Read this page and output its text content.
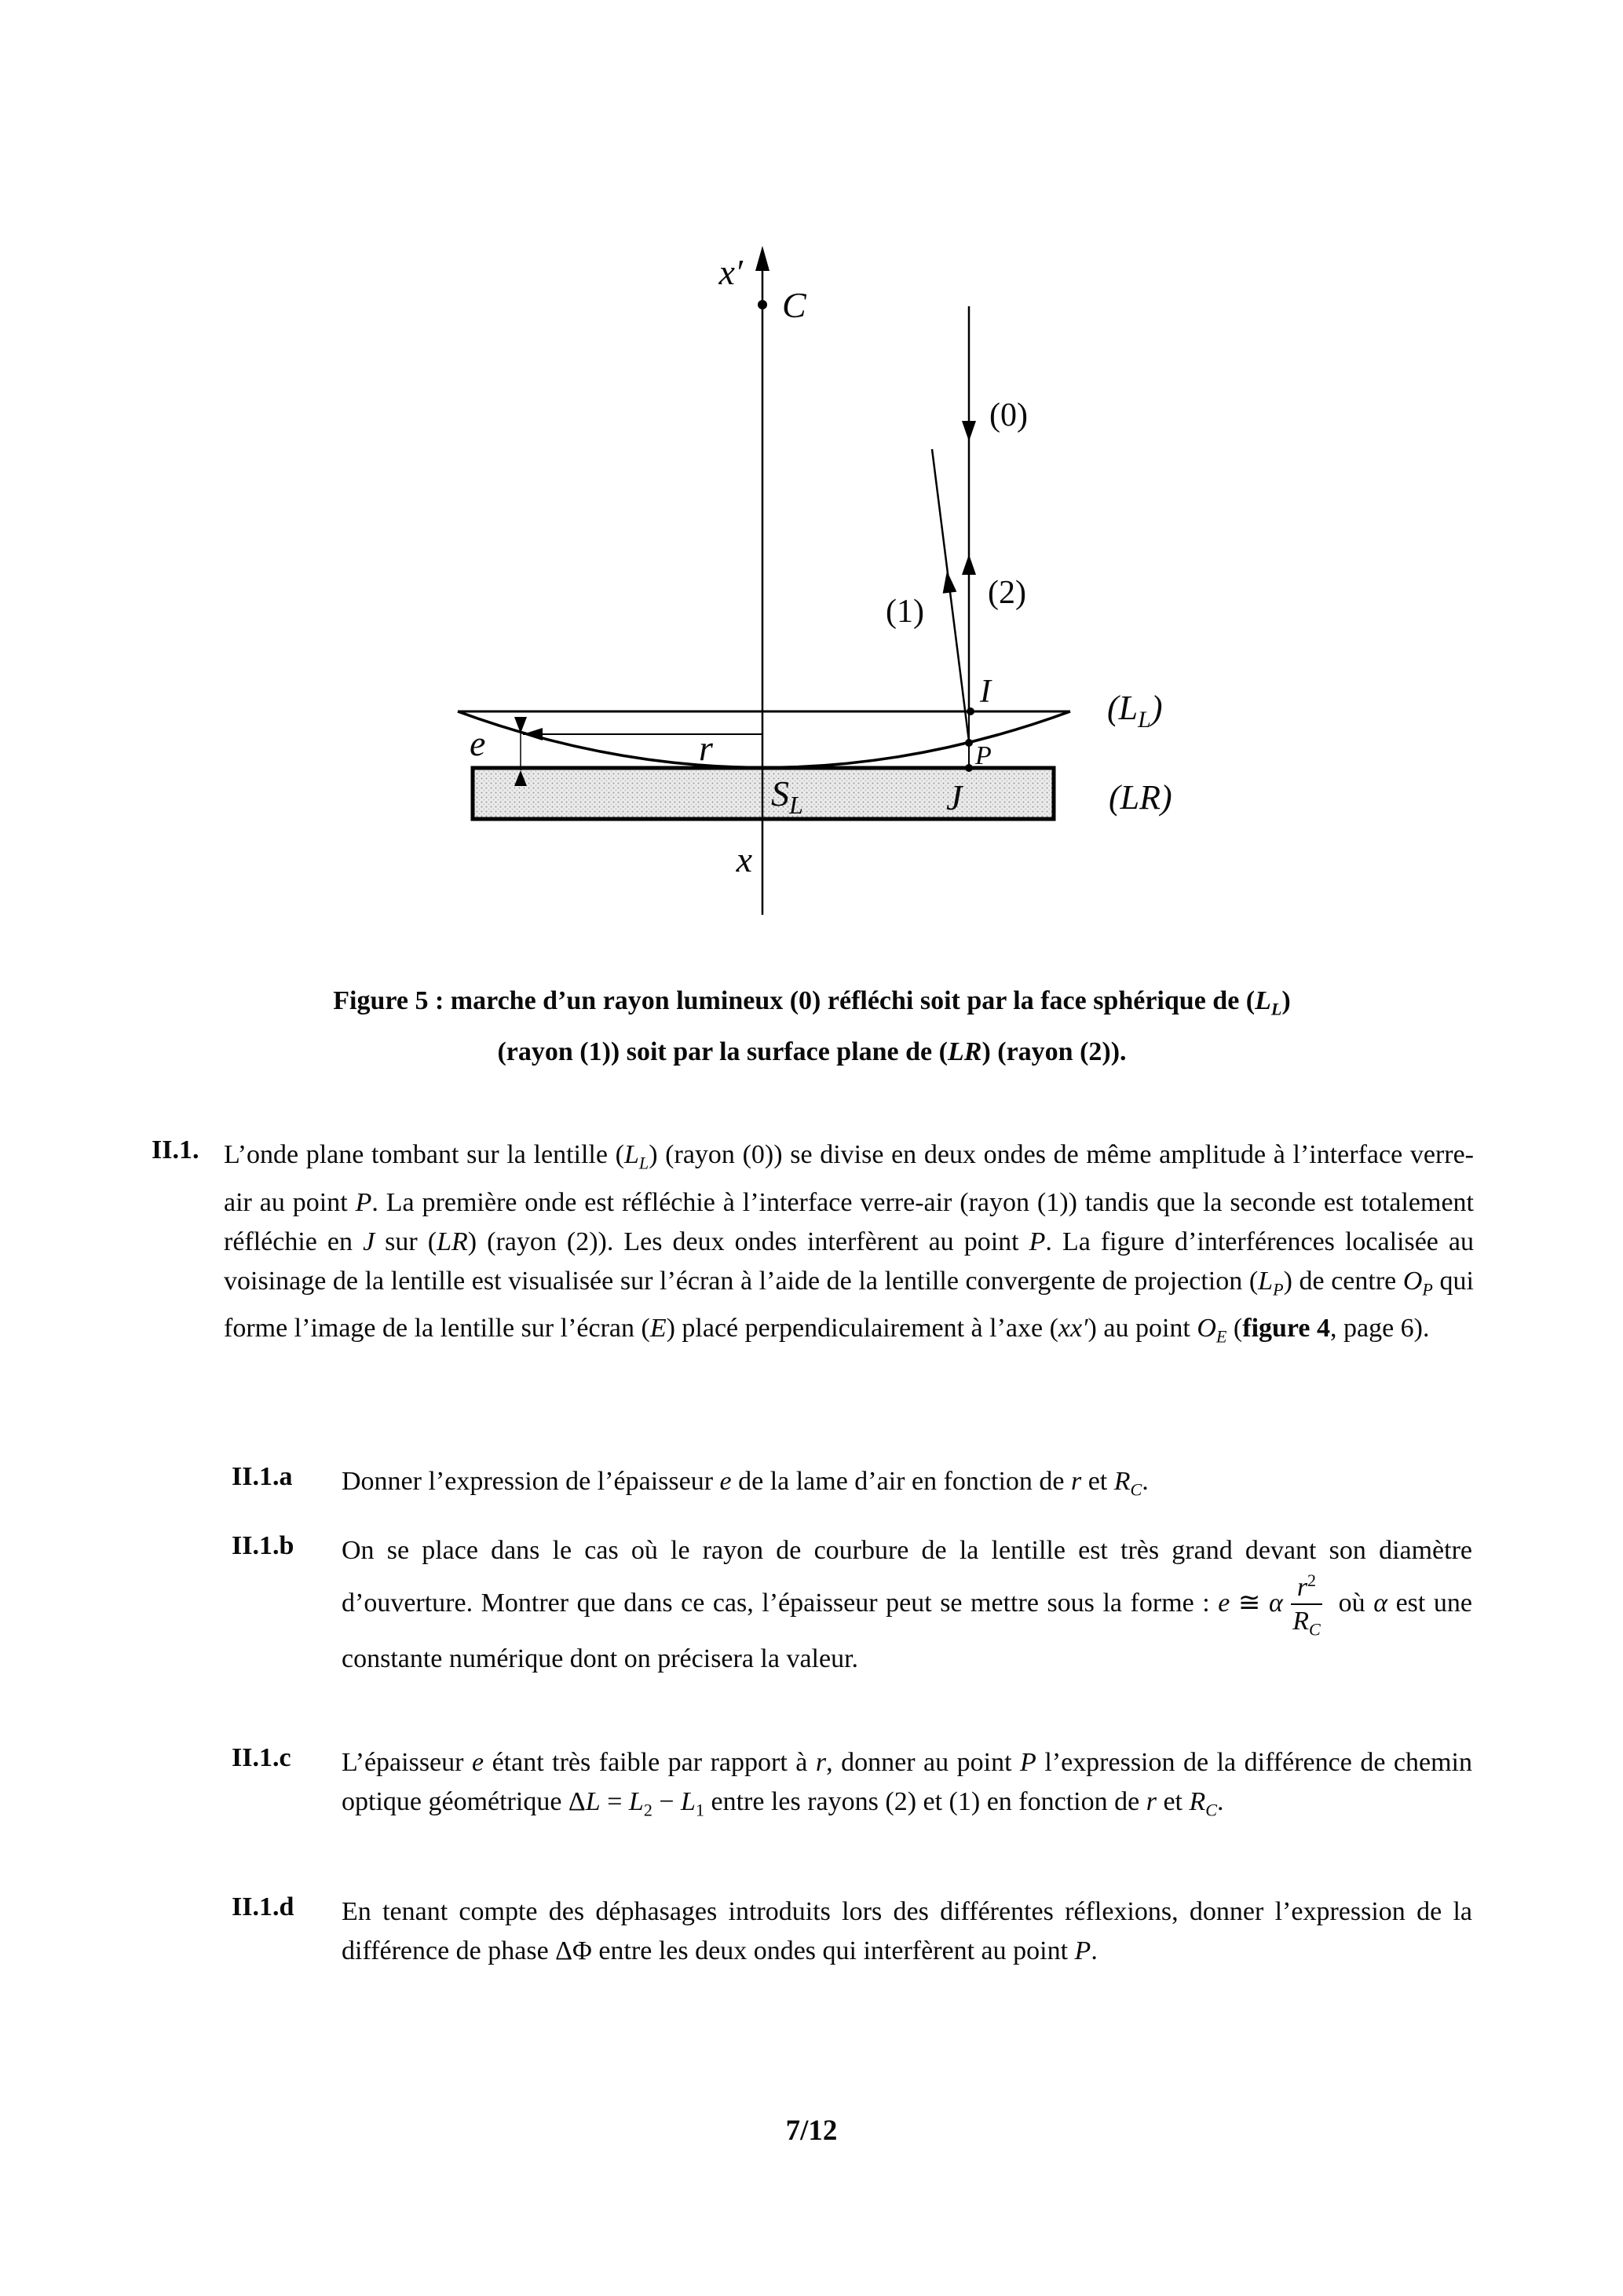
x′
C
(0)
(1)
(2)
I
P
J
$S_L$
e	r
$(L_L)$
(LR)
x
Figure 5 : marche d’un rayon lumineux (0) réfléchi soit par la face sphérique de $(L_L)$
(rayon (1)) soit par la surface plane de (LR) (rayon (2)).
II.1. L’onde plane tombant sur la lentille $(L_L)$ (rayon (0)) se divise en deux ondes de même amplitude à l’interface verre-air au point P. La première onde est réfléchie à l’interface verre-air (rayon (1)) tandis que la seconde est totalement réfléchie en J sur (LR) (rayon (2)). Les deux ondes interfèrent au point P. La figure d’interférences localisée au voisinage de la lentille est visualisée sur l’écran à l’aide de la lentille convergente de projection $(L_P)$ de centre $O_P$ qui forme l’image de la lentille sur l’écran (E) placé perpendiculairement à l’axe (xx′) au point $O_E$ (figure 4, page 6).
II.1.a	Donner l’expression de l’épaisseur e de la lame d’air en fonction de r et $R_C$.
II.1.b	On se place dans le cas où le rayon de courbure de la lentille est très grand devant son diamètre d’ouverture. Montrer que dans ce cas, l’épaisseur peut se mettre sous la forme : e ≅ α $\frac{r^2}{R_C}$ où α est une constante numérique dont on précisera la valeur.
II.1.c	L’épaisseur e étant très faible par rapport à r, donner au point P l’expression de la différence de chemin optique géométrique $\Delta L = L_2 - L_1$ entre les rayons (2) et (1) en fonction de r et $R_C$.
II.1.d	En tenant compte des déphasages introduits lors des différentes réflexions, donner l’expression de la différence de phase ΔΦ entre les deux ondes qui interfèrent au point P.
7/12
